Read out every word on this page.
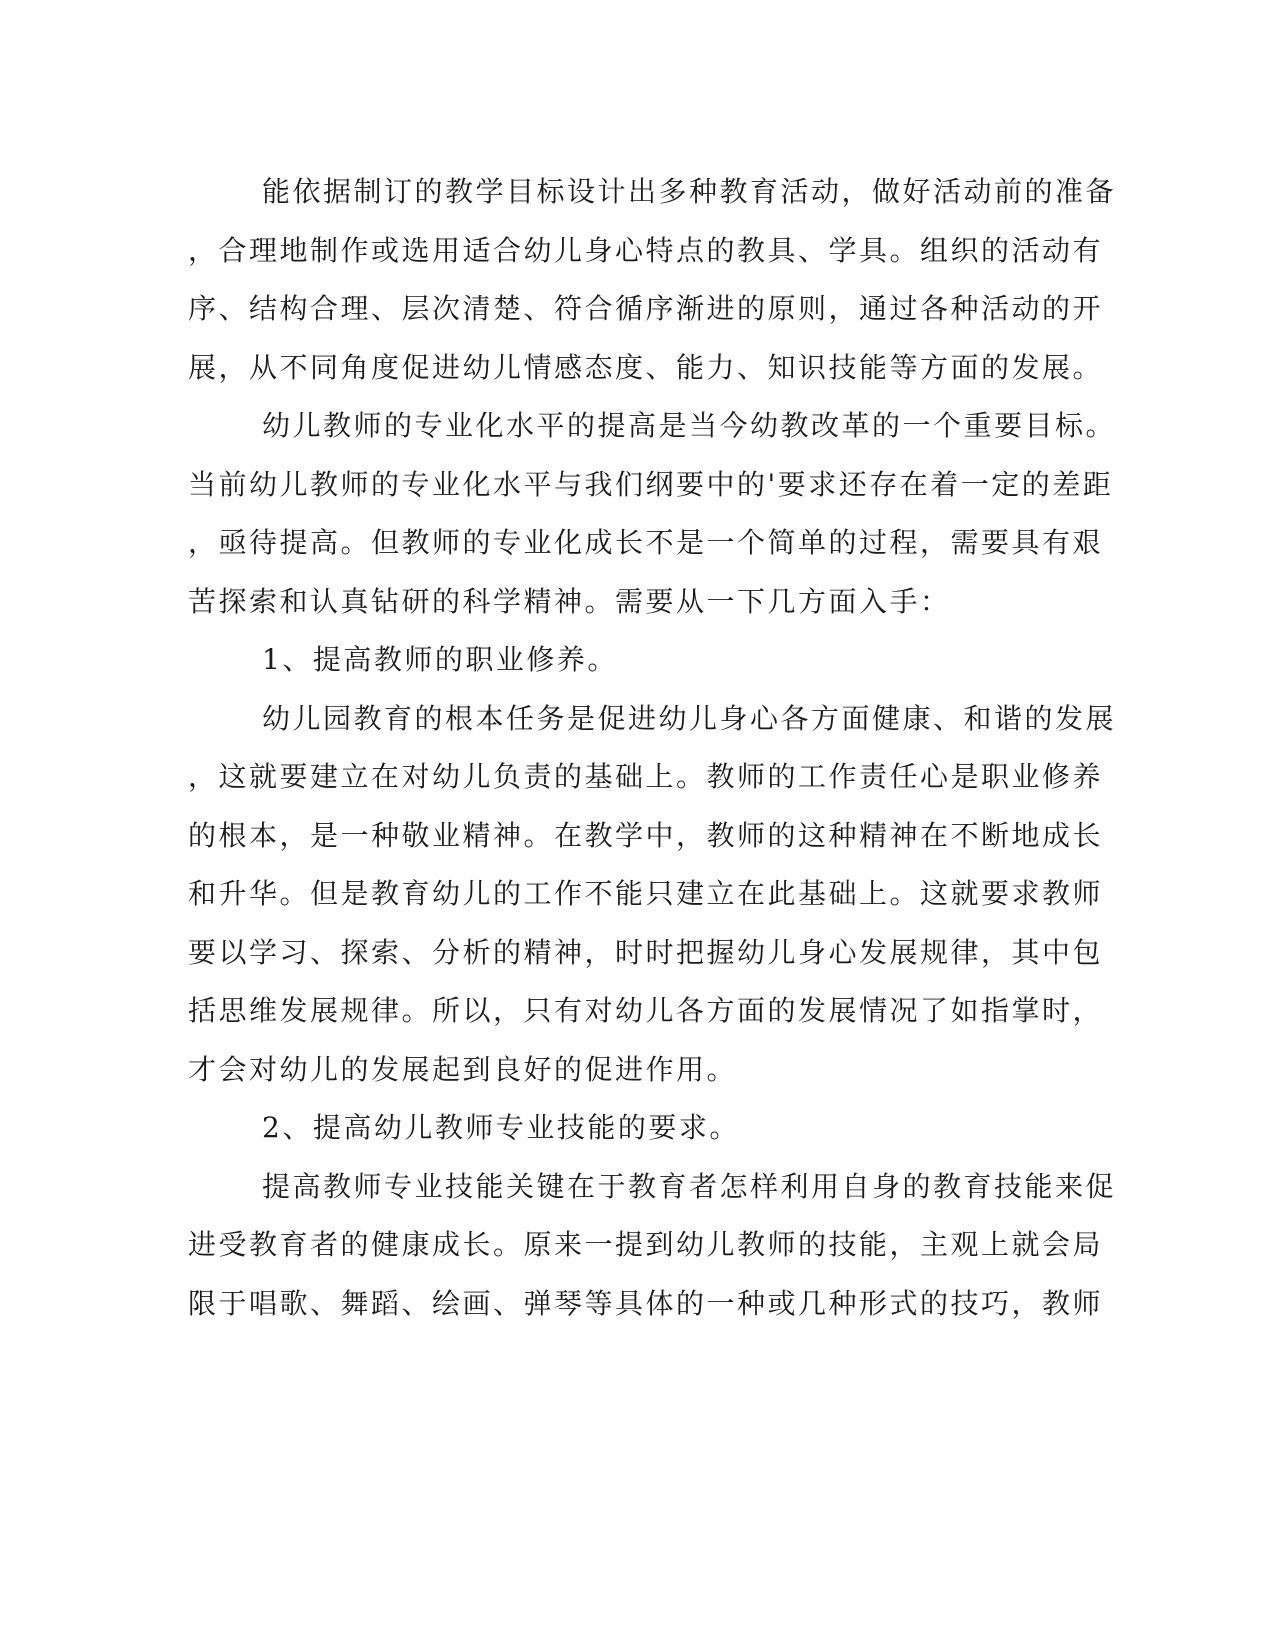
能依据制订的教学目标设计出多种教育活动，做好活动前的准备
，合理地制作或选用适合幼儿身心特点的教具、学具。组织的活动有
序、结构合理、层次清楚、符合循序渐进的原则，通过各种活动的开
展，从不同角度促进幼儿情感态度、能力、知识技能等方面的发展。
幼儿教师的专业化水平的提高是当今幼教改革的一个重要目标。
当前幼儿教师的专业化水平与我们纲要中的'要求还存在着一定的差距
，亟待提高。但教师的专业化成长不是一个简单的过程，需要具有艰
苦探索和认真钻研的科学精神。需要从一下几方面入手：
1、提高教师的职业修养。
幼儿园教育的根本任务是促进幼儿身心各方面健康、和谐的发展
，这就要建立在对幼儿负责的基础上。教师的工作责任心是职业修养
的根本，是一种敬业精神。在教学中，教师的这种精神在不断地成长
和升华。但是教育幼儿的工作不能只建立在此基础上。这就要求教师
要以学习、探索、分析的精神，时时把握幼儿身心发展规律，其中包
括思维发展规律。所以，只有对幼儿各方面的发展情况了如指掌时，
才会对幼儿的发展起到良好的促进作用。
2、提高幼儿教师专业技能的要求。
提高教师专业技能关键在于教育者怎样利用自身的教育技能来促
进受教育者的健康成长。原来一提到幼儿教师的技能，主观上就会局
限于唱歌、舞蹈、绘画、弹琴等具体的一种或几种形式的技巧，教师
